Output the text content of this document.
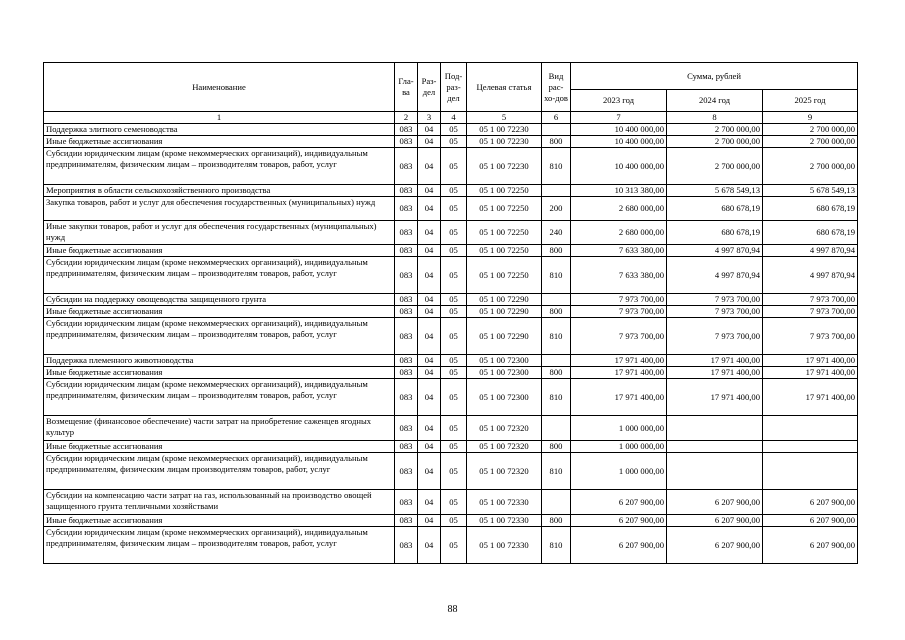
Наименование	Гла-ва	Раз-дел	Под-раз-дел	Целевая статья	Вид рас-хо-дов	Сумма, рублей		
						2023 год	2024 год	2025 год
1	2	3	4	5	6	7	8	9
Поддержка элитного семеноводства	083	04	05	05 1 00 72230		10 400 000,00	2 700 000,00	2 700 000,00
Иные бюджетные ассигнования	083	04	05	05 1 00 72230	800	10 400 000,00	2 700 000,00	2 700 000,00
Субсидии юридическим лицам (кроме некоммерческих организаций), индивидуальным предпринимателям, физическим лицам – производителям товаров, работ, услуг	083	04	05	05 1 00 72230	810	10 400 000,00	2 700 000,00	2 700 000,00
Мероприятия в области сельскохозяйственного производства	083	04	05	05 1 00 72250		10 313 380,00	5 678 549,13	5 678 549,13
Закупка товаров, работ и услуг для обеспечения государственных (муниципальных) нужд	083	04	05	05 1 00 72250	200	2 680 000,00	680 678,19	680 678,19
Иные закупки товаров, работ и услуг для обеспечения государственных (муниципальных) нужд	083	04	05	05 1 00 72250	240	2 680 000,00	680 678,19	680 678,19
Иные бюджетные ассигнования	083	04	05	05 1 00 72250	800	7 633 380,00	4 997 870,94	4 997 870,94
Субсидии юридическим лицам (кроме некоммерческих организаций), индивидуальным предпринимателям, физическим лицам – производителям товаров, работ, услуг	083	04	05	05 1 00 72250	810	7 633 380,00	4 997 870,94	4 997 870,94
Субсидии на поддержку овощеводства защищенного грунта	083	04	05	05 1 00 72290		7 973 700,00	7 973 700,00	7 973 700,00
Иные бюджетные ассигнования	083	04	05	05 1 00 72290	800	7 973 700,00	7 973 700,00	7 973 700,00
Субсидии юридическим лицам (кроме некоммерческих организаций), индивидуальным предпринимателям, физическим лицам – производителям товаров, работ, услуг	083	04	05	05 1 00 72290	810	7 973 700,00	7 973 700,00	7 973 700,00
Поддержка племенного животноводства	083	04	05	05 1 00 72300		17 971 400,00	17 971 400,00	17 971 400,00
Иные бюджетные ассигнования	083	04	05	05 1 00 72300	800	17 971 400,00	17 971 400,00	17 971 400,00
Субсидии юридическим лицам (кроме некоммерческих организаций), индивидуальным предпринимателям, физическим лицам – производителям товаров, работ, услуг	083	04	05	05 1 00 72300	810	17 971 400,00	17 971 400,00	17 971 400,00
Возмещение (финансовое обеспечение) части затрат на приобретение саженцев ягодных культур	083	04	05	05 1 00 72320		1 000 000,00		
Иные бюджетные ассигнования	083	04	05	05 1 00 72320	800	1 000 000,00		
Субсидии юридическим лицам (кроме некоммерческих организаций), индивидуальным предпринимателям, физическим лицам производителям товаров, работ, услуг	083	04	05	05 1 00 72320	810	1 000 000,00		
Субсидии на компенсацию части затрат на газ, использованный на производство овощей защищенного грунта тепличными хозяйствами	083	04	05	05 1 00 72330		6 207 900,00	6 207 900,00	6 207 900,00
Иные бюджетные ассигнования	083	04	05	05 1 00 72330	800	6 207 900,00	6 207 900,00	6 207 900,00
Субсидии юридическим лицам (кроме некоммерческих организаций), индивидуальным предпринимателям, физическим лицам – производителям товаров, работ, услуг	083	04	05	05 1 00 72330	810	6 207 900,00	6 207 900,00	6 207 900,00
88
